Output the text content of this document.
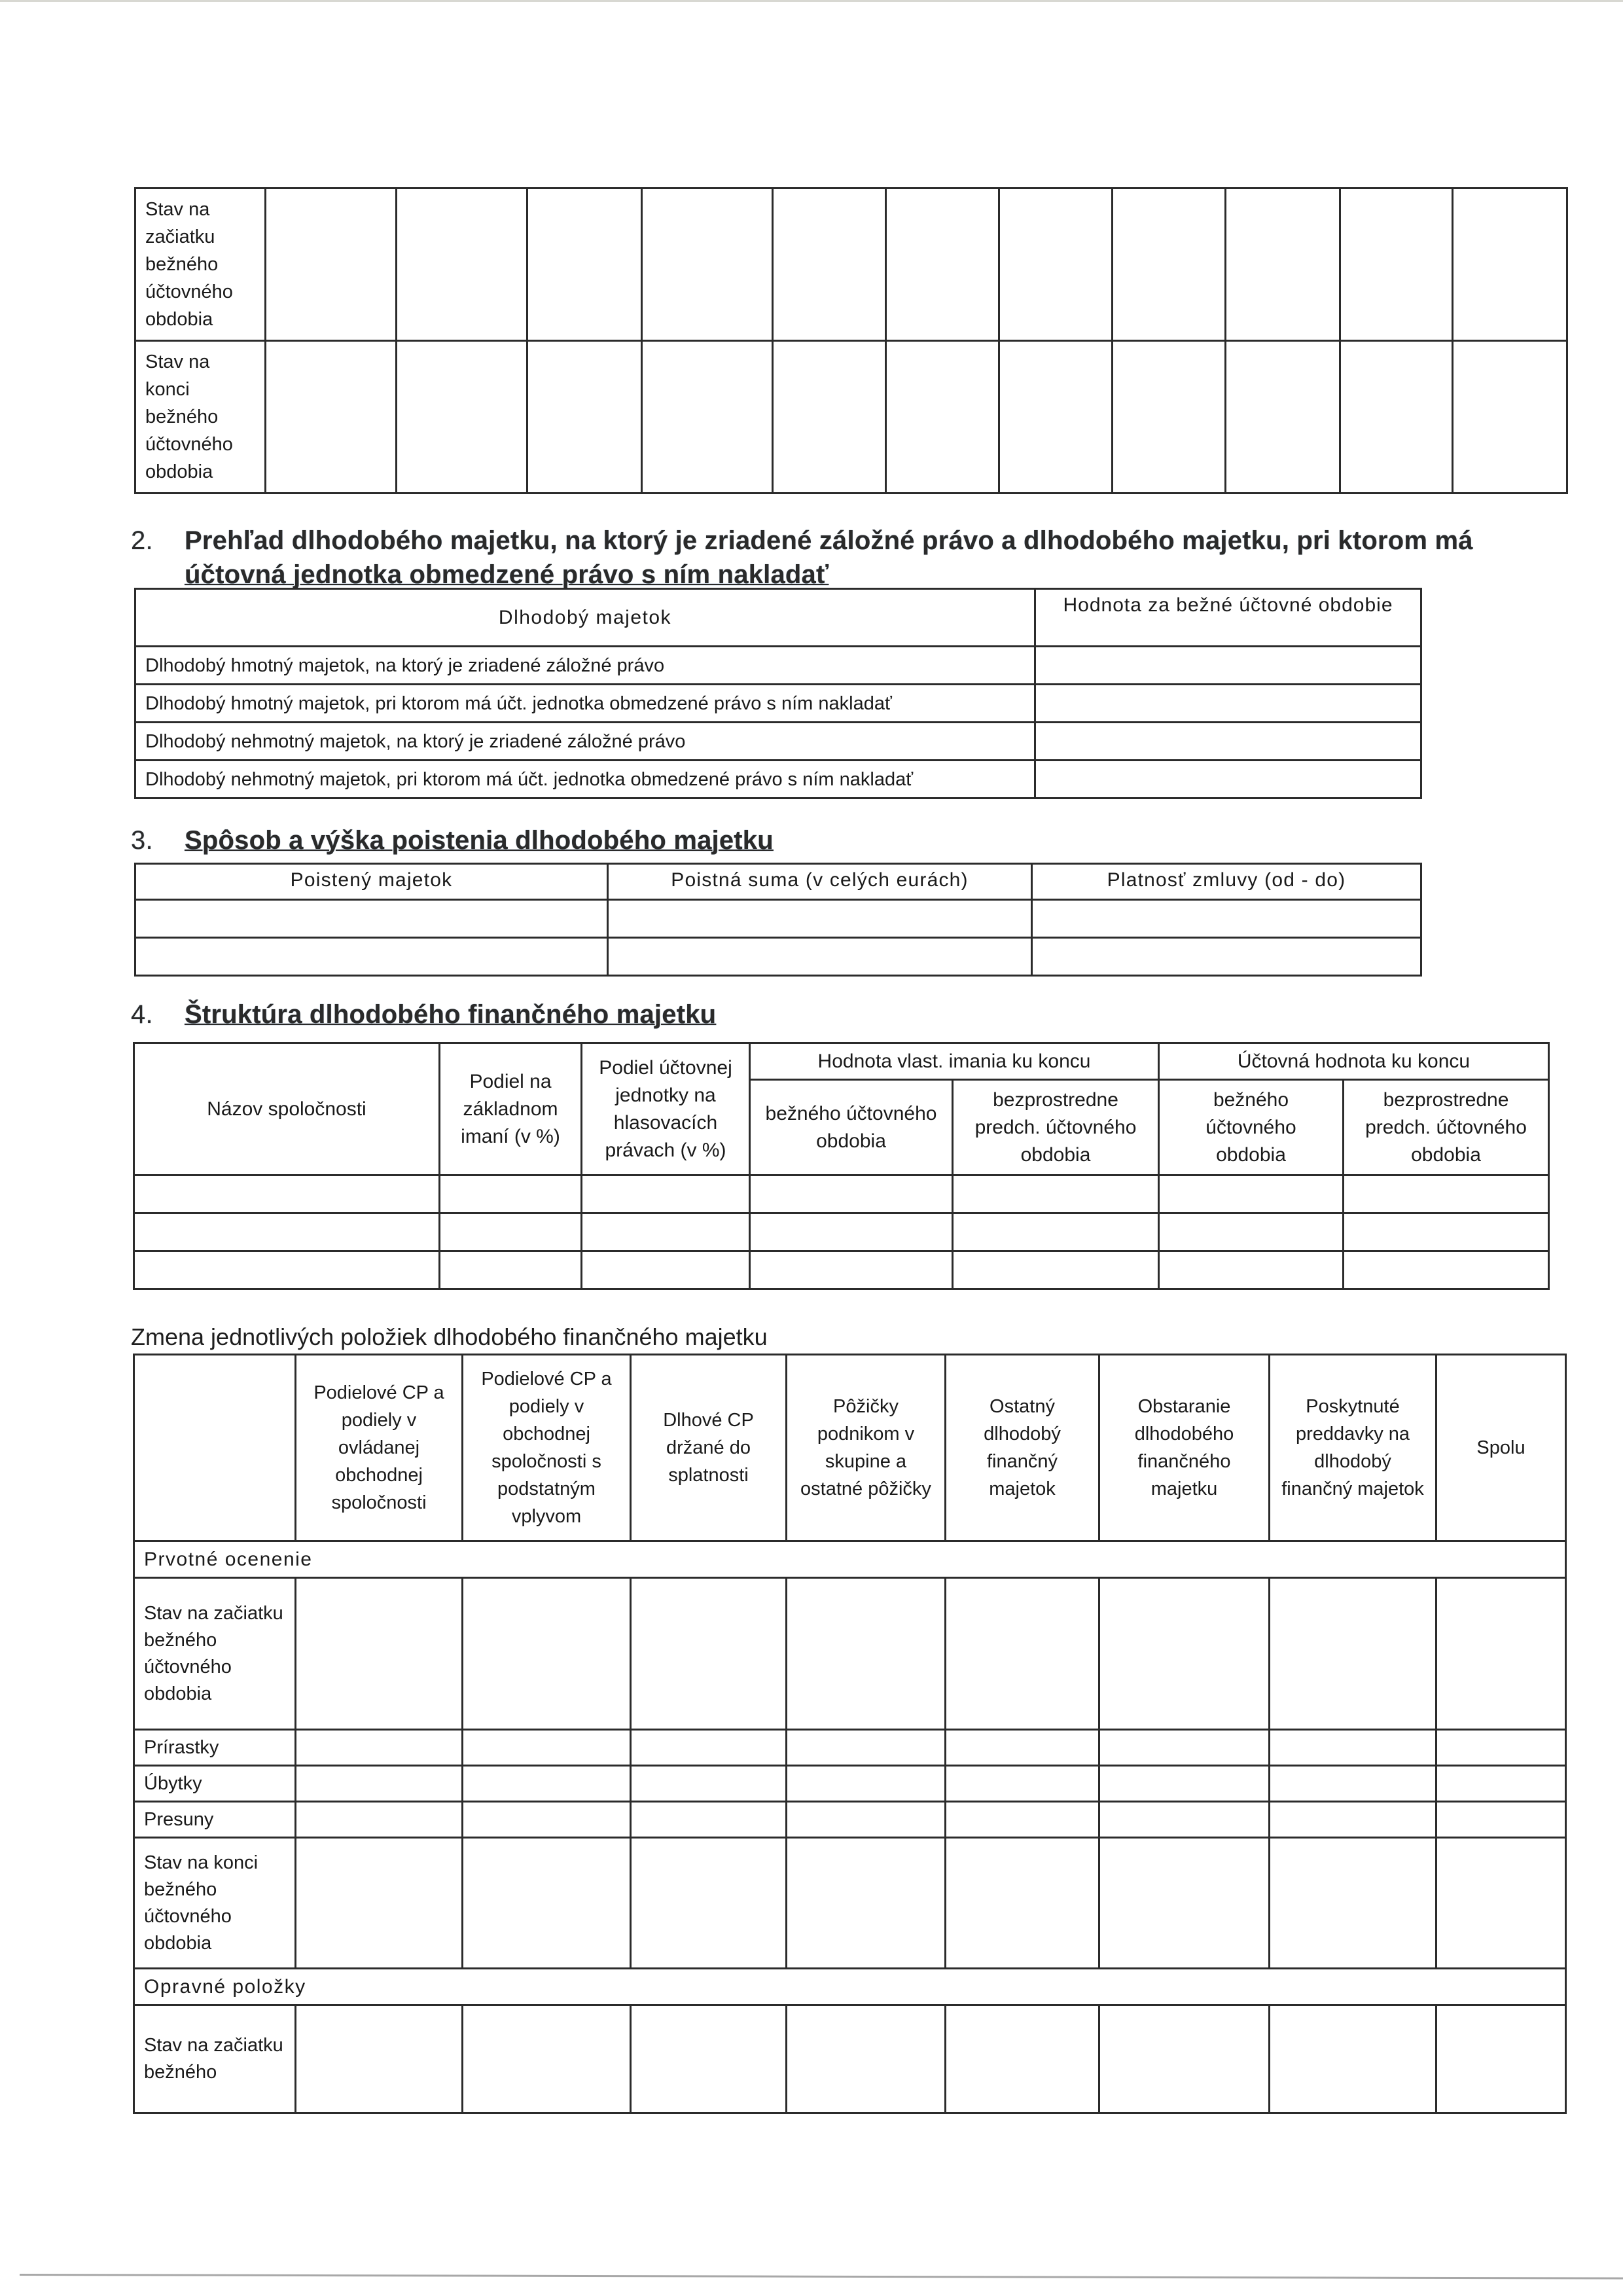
Stav na
začiatku
bežného
účtovného
obdobia											

Stav na
konci
bežného
účtovného
obdobia											

2. Prehľad dlhodobého majetku, na ktorý je zriadené záložné právo a dlhodobého majetku, pri ktorom má
účtovná jednotka obmedzené právo s ním nakladať
Dlhodobý majetok	Hodnota za bežné účtovné obdobie
Dlhodobý hmotný majetok, na ktorý je zriadené záložné právo	
Dlhodobý hmotný majetok, pri ktorom má účt. jednotka obmedzené právo s ním nakladať	
Dlhodobý nehmotný majetok, na ktorý je zriadené záložné právo	
Dlhodobý nehmotný majetok, pri ktorom má účt. jednotka obmedzené právo s ním nakladať	
3. Spôsob a výška poistenia dlhodobého majetku
Poistený majetok	Poistná suma (v celých eurách)	Platnosť zmluvy (od - do)

4. Štruktúra dlhodobého finančného majetku
Názov spoločnosti	Podiel na základnom imaní (v %)	Podiel účtovnej jednotky na hlasovacích právach (v %)	Hodnota vlast. imania ku koncu		Účtovná hodnota ku koncu	
			bežného účtovného obdobia	bezprostredne predch. účtovného obdobia	bežného účtovného obdobia	bezprostredne predch. účtovného obdobia

Zmena jednotlivých položiek dlhodobého finančného majetku
	Podielové CP a podiely v ovládanej obchodnej spoločnosti	Podielové CP a podiely v obchodnej spoločnosti s podstatným vplyvom	Dlhové CP držané do splatnosti	Pôžičky podnikom v skupine a ostatné pôžičky	Ostatný dlhodobý finančný majetok	Obstaranie dlhodobého finančného majetku	Poskytnuté preddavky na dlhodobý finančný majetok	Spolu
Prvotné ocenenie								
Stav na začiatku bežného účtovného obdobia								
Prírastky								
Úbytky								
Presuny								
Stav na konci bežného účtovného obdobia								
Opravné položky								
Stav na začiatku bežného								
